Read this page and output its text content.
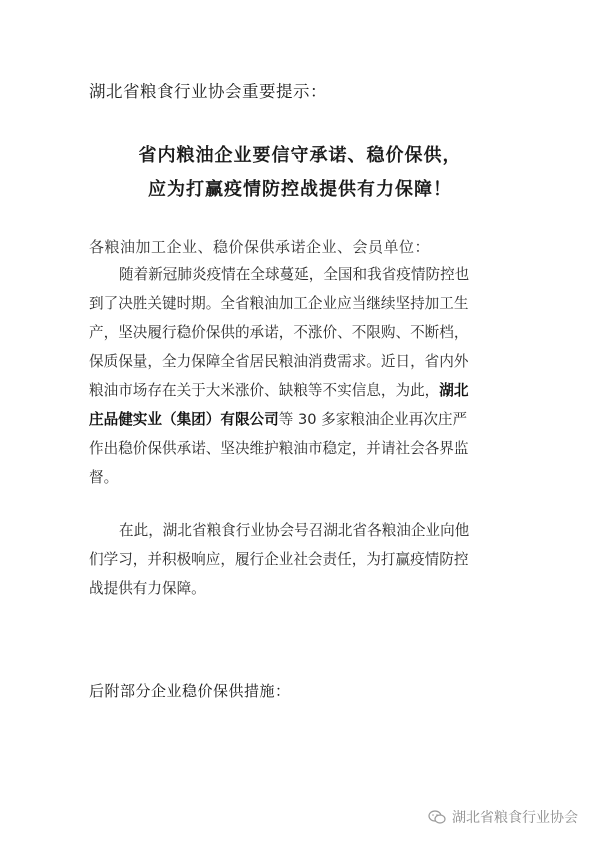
湖北省粮食行业协会重要提示：
省内粮油企业要信守承诺、稳价保供，
应为打赢疫情防控战提供有力保障！
各粮油加工企业、稳价保供承诺企业、会员单位：
随着新冠肺炎疫情在全球蔓延，全国和我省疫情防控也
到了决胜关键时期。全省粮油加工企业应当继续坚持加工生
产，坚决履行稳价保供的承诺，不涨价、不限购、不断档，
保质保量，全力保障全省居民粮油消费需求。近日，省内外
粮油市场存在关于大米涨价、缺粮等不实信息，为此，湖北
庄品健实业（集团）有限公司等 30 多家粮油企业再次庄严
作出稳价保供承诺、坚决维护粮油市稳定，并请社会各界监
督。
在此，湖北省粮食行业协会号召湖北省各粮油企业向他
们学习，并积极响应，履行企业社会责任，为打赢疫情防控
战提供有力保障。
后附部分企业稳价保供措施：
湖北省粮食行业协会
